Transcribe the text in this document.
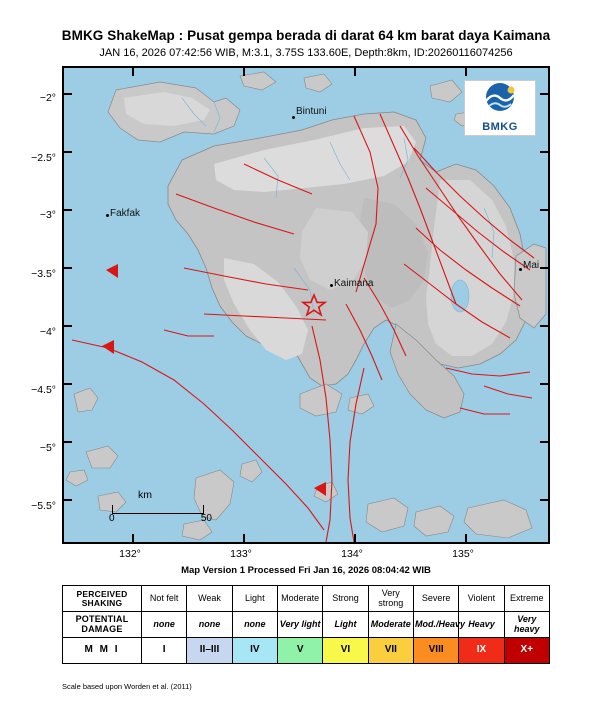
BMKG ShakeMap : Pusat gempa berada di darat 64 km barat daya Kaimana
JAN 16, 2026 07:42:56 WIB, M:3.1, 3.75S 133.60E, Depth:8km, ID:20260116074256
−2°
−2.5°
−3°
−3.5°
−4°
−4.5°
−5°
−5.5°
132°	133°	134°	135°
Bintuni
Fakfak
Kaimana
Mai
BMKG
km
0	50
Map Version 1 Processed Fri Jan 16, 2026 08:04:42 WIB
PERCEIVED SHAKING	Not felt	Weak	Light	Moderate	Strong	Very strong	Severe	Violent	Extreme
POTENTIAL DAMAGE	none	none	none	Very light	Light	Moderate	Mod./Heavy	Heavy	Very heavy
M M I	I	II–III	IV	V	VI	VII	VIII	IX	X+
Scale based upon Worden et al. (2011)
